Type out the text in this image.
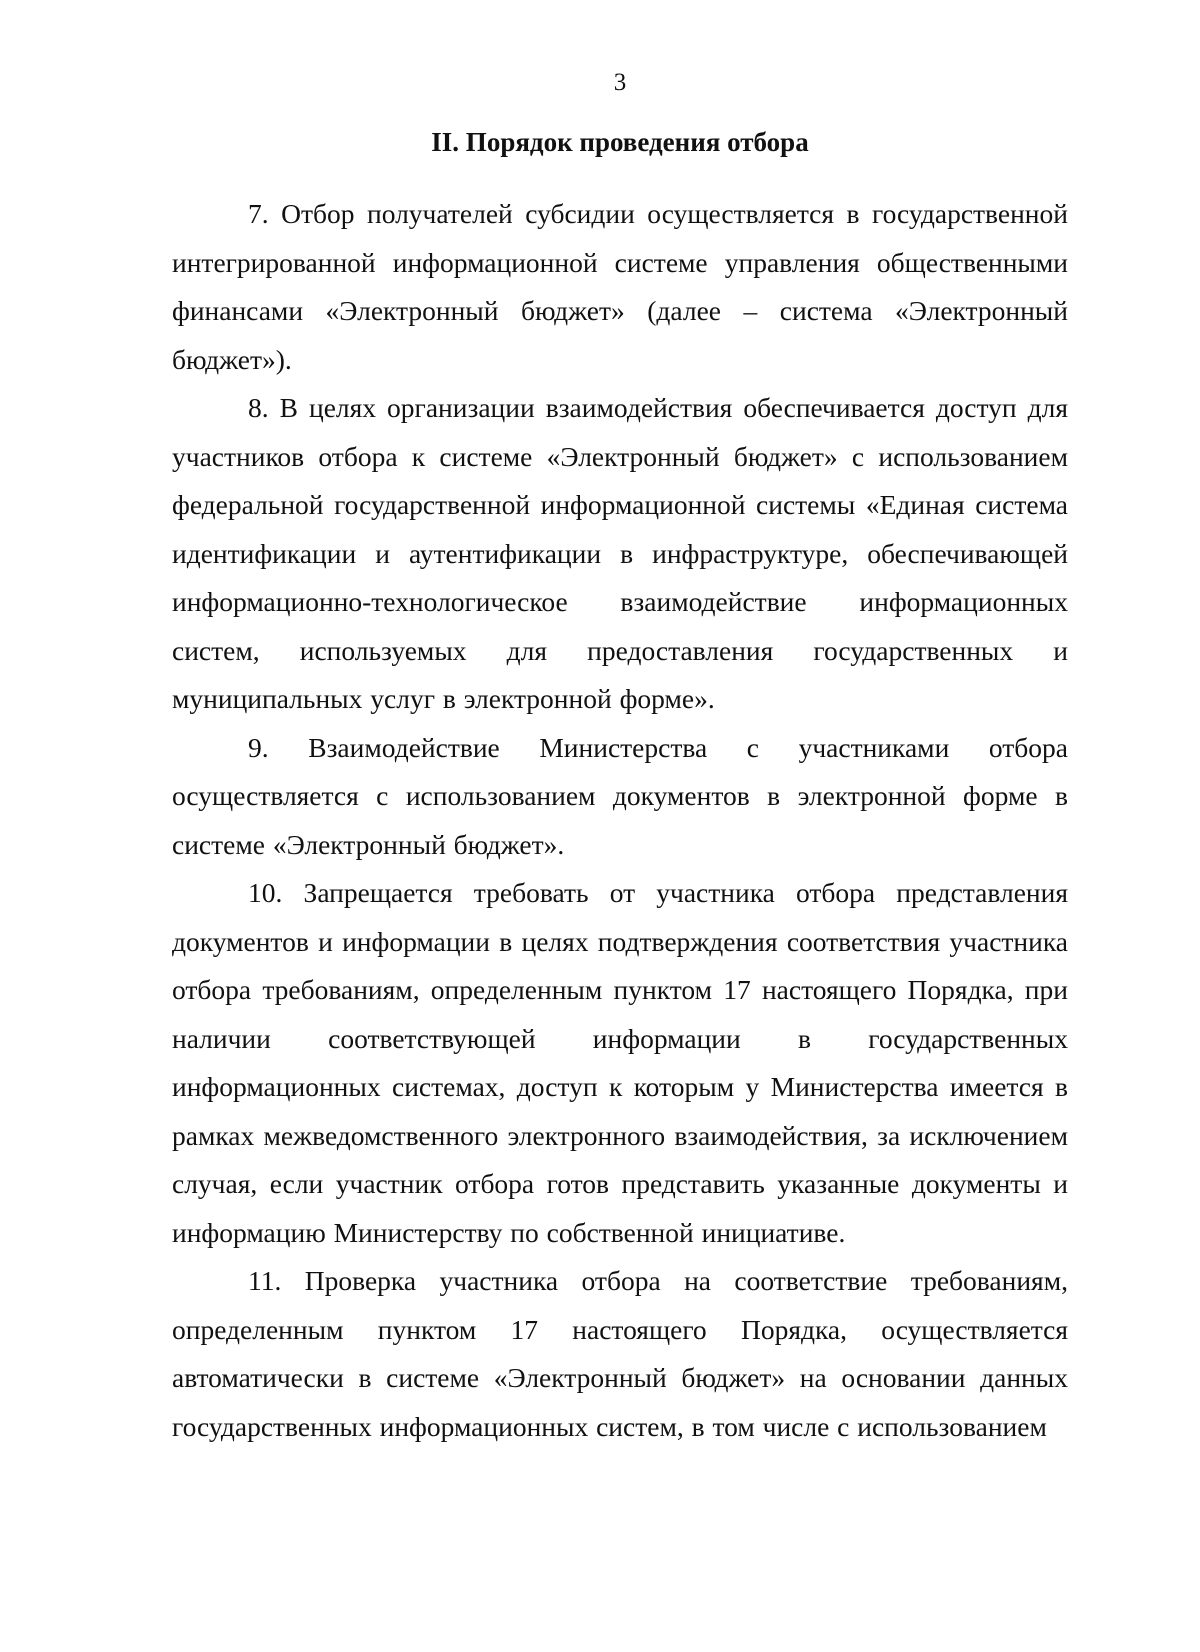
3
II. Порядок проведения отбора

7. Отбор получателей субсидии осуществляется в государственной интегрированной информационной системе управления общественными финансами «Электронный бюджет» (далее – система «Электронный бюджет»).

8. В целях организации взаимодействия обеспечивается доступ для участников отбора к системе «Электронный бюджет» с использованием федеральной государственной информационной системы «Единая система идентификации и аутентификации в инфраструктуре, обеспечивающей информационно-технологическое взаимодействие информационных систем, используемых для предоставления государственных и муниципальных услуг в электронной форме».

9. Взаимодействие Министерства с участниками отбора осуществляется с использованием документов в электронной форме в системе «Электронный бюджет».

10. Запрещается требовать от участника отбора представления документов и информации в целях подтверждения соответствия участника отбора требованиям, определенным пунктом 17 настоящего Порядка, при наличии соответствующей информации в государственных информационных системах, доступ к которым у Министерства имеется в рамках межведомственного электронного взаимодействия, за исключением случая, если участник отбора готов представить указанные документы и информацию Министерству по собственной инициативе.

11. Проверка участника отбора на соответствие требованиям, определенным пунктом 17 настоящего Порядка, осуществляется автоматически в системе «Электронный бюджет» на основании данных государственных информационных систем, в том числе с использованием
